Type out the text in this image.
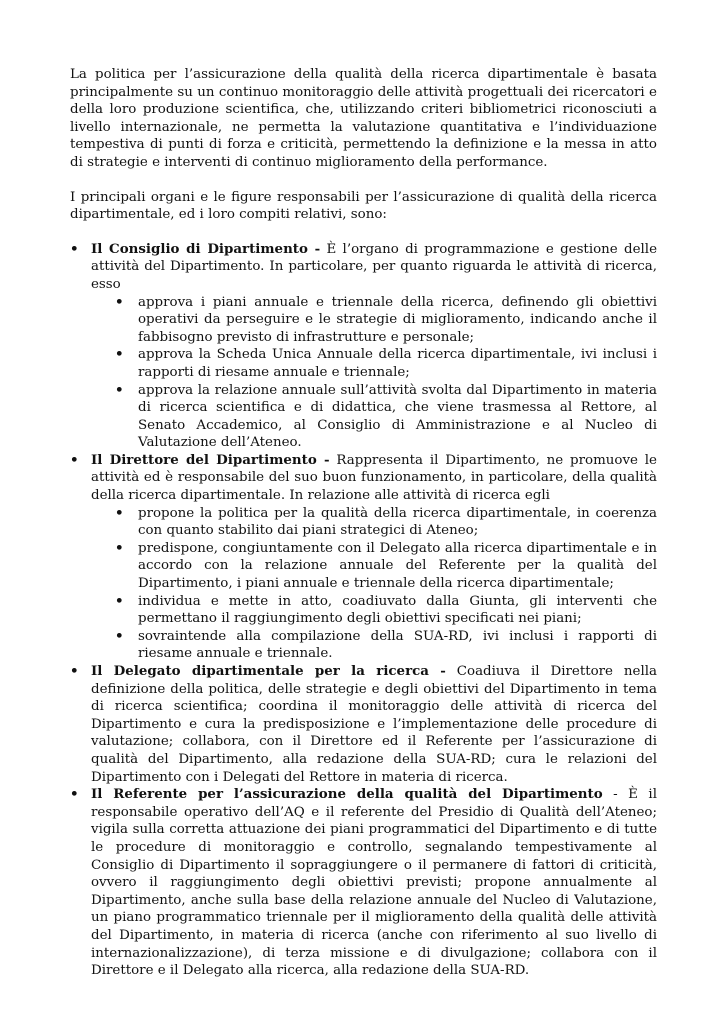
La politica per l’assicurazione della qualità della ricerca dipartimentale è basata principalmente su un continuo monitoraggio delle attività progettuali dei ricercatori e della loro produzione scientifica, che, utilizzando criteri bibliometrici riconosciuti a livello internazionale, ne permetta la valutazione quantitativa e l’individuazione tempestiva di punti di forza e criticità, permettendo la definizione e la messa in atto di strategie e interventi di continuo miglioramento della performance.

I principali organi e le figure responsabili per l’assicurazione di qualità della ricerca dipartimentale, ed i loro compiti relativi, sono:

• Il Consiglio di Dipartimento - È l’organo di programmazione e gestione delle attività del Dipartimento. In particolare, per quanto riguarda le attività di ricerca, esso
• approva i piani annuale e triennale della ricerca, definendo gli obiettivi operativi da perseguire e le strategie di miglioramento, indicando anche il fabbisogno previsto di infrastrutture e personale;
• approva la Scheda Unica Annuale della ricerca dipartimentale, ivi inclusi i rapporti di riesame annuale e triennale;
• approva la relazione annuale sull’attività svolta dal Dipartimento in materia di ricerca scientifica e di didattica, che viene trasmessa al Rettore, al Senato Accademico, al Consiglio di Amministrazione e al Nucleo di Valutazione dell’Ateneo.
• Il Direttore del Dipartimento - Rappresenta il Dipartimento, ne promuove le attività ed è responsabile del suo buon funzionamento, in particolare, della qualità della ricerca dipartimentale. In relazione alle attività di ricerca egli
• propone la politica per la qualità della ricerca dipartimentale, in coerenza con quanto stabilito dai piani strategici di Ateneo;
• predispone, congiuntamente con il Delegato alla ricerca dipartimentale e in accordo con la relazione annuale del Referente per la qualità del Dipartimento, i piani annuale e triennale della ricerca dipartimentale;
• individua e mette in atto, coadiuvato dalla Giunta, gli interventi che permettano il raggiungimento degli obiettivi specificati nei piani;
• sovraintende alla compilazione della SUA-RD, ivi inclusi i rapporti di riesame annuale e triennale.
• Il Delegato dipartimentale per la ricerca - Coadiuva il Direttore nella definizione della politica, delle strategie e degli obiettivi del Dipartimento in tema di ricerca scientifica; coordina il monitoraggio delle attività di ricerca del Dipartimento e cura la predisposizione e l’implementazione delle procedure di valutazione; collabora, con il Direttore ed il Referente per l’assicurazione di qualità del Dipartimento, alla redazione della SUA-RD; cura le relazioni del Dipartimento con i Delegati del Rettore in materia di ricerca.
• Il Referente per l’assicurazione della qualità del Dipartimento - È il responsabile operativo dell’AQ e il referente del Presidio di Qualità dell’Ateneo; vigila sulla corretta attuazione dei piani programmatici del Dipartimento e di tutte le procedure di monitoraggio e controllo, segnalando tempestivamente al Consiglio di Dipartimento il sopraggiungere o il permanere di fattori di criticità, ovvero il raggiungimento degli obiettivi previsti; propone annualmente al Dipartimento, anche sulla base della relazione annuale del Nucleo di Valutazione, un piano programmatico triennale per il miglioramento della qualità delle attività del Dipartimento, in materia di ricerca (anche con riferimento al suo livello di internazionalizzazione), di terza missione e di divulgazione; collabora con il Direttore e il Delegato alla ricerca, alla redazione della SUA-RD.
